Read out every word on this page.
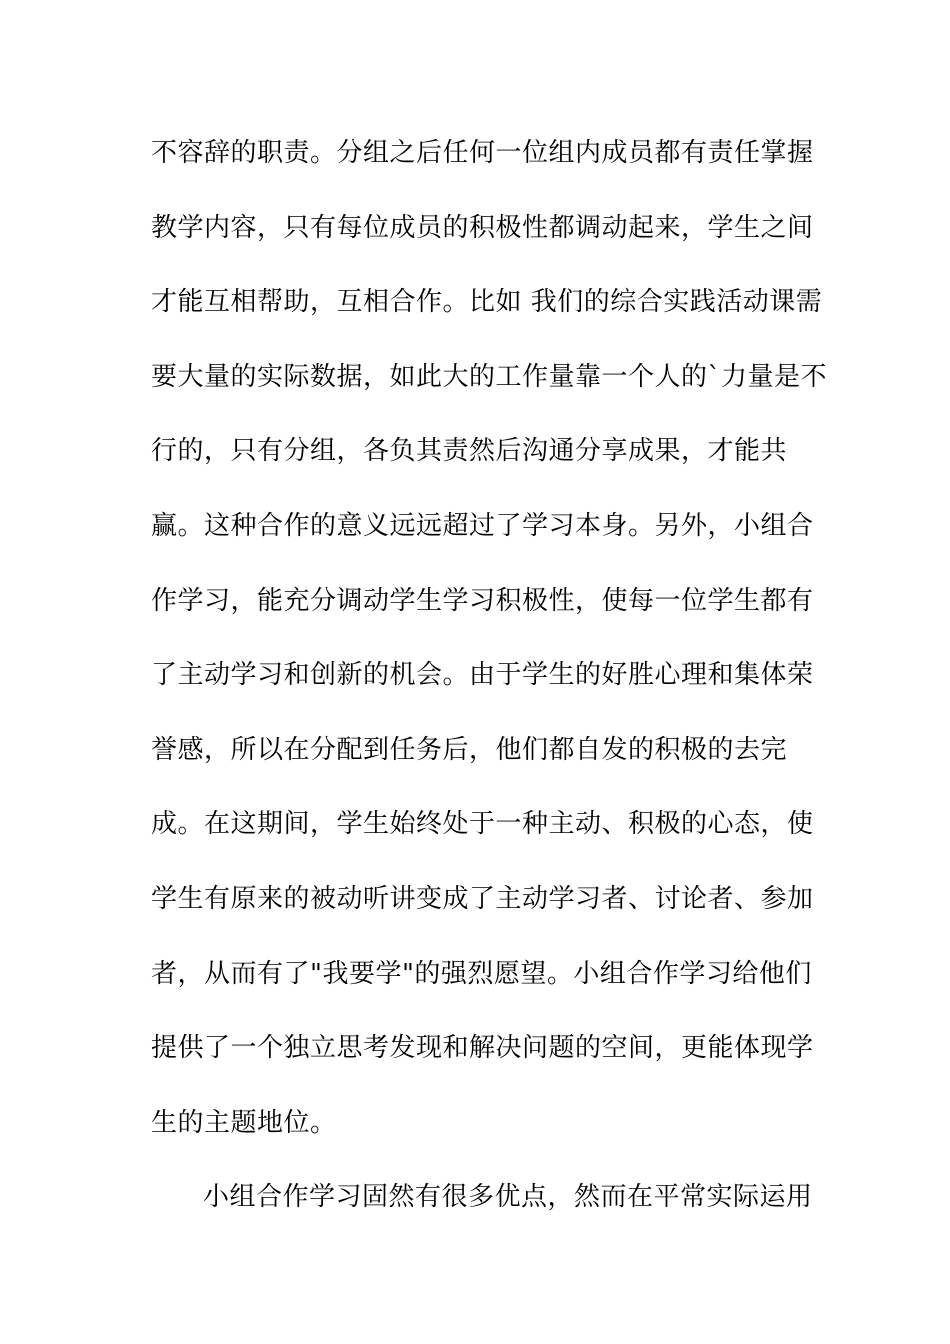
不容辞的职责。分组之后任何一位组内成员都有责任掌握
教学内容，只有每位成员的积极性都调动起来，学生之间
才能互相帮助，互相合作。比如 我们的综合实践活动课需
要大量的实际数据，如此大的工作量靠一个人的`力量是不
行的，只有分组，各负其责然后沟通分享成果，才能共
赢。这种合作的意义远远超过了学习本身。另外，小组合
作学习，能充分调动学生学习积极性，使每一位学生都有
了主动学习和创新的机会。由于学生的好胜心理和集体荣
誉感，所以在分配到任务后，他们都自发的积极的去完
成。在这期间，学生始终处于一种主动、积极的心态，使
学生有原来的被动听讲变成了主动学习者、讨论者、参加
者，从而有了"我要学"的强烈愿望。小组合作学习给他们
提供了一个独立思考发现和解决问题的空间，更能体现学
生的主题地位。
小组合作学习固然有很多优点，然而在平常实际运用
